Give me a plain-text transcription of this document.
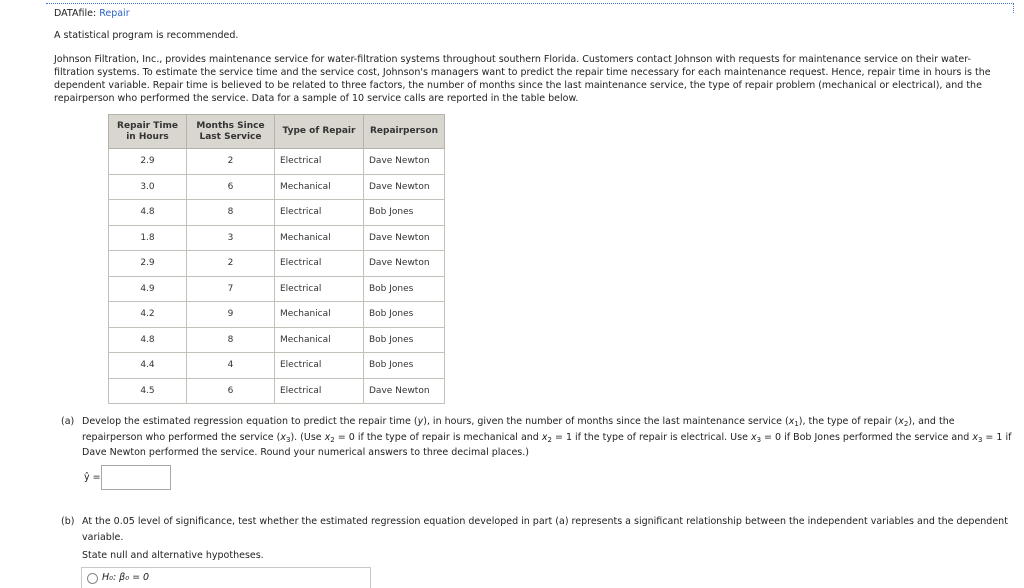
DATAfile: Repair
A statistical program is recommended.

Johnson Filtration, Inc., provides maintenance service for water-filtration systems throughout southern Florida. Customers contact Johnson with requests for maintenance service on their water-filtration systems. To estimate the service time and the service cost, Johnson's managers want to predict the repair time necessary for each maintenance request. Hence, repair time in hours is the dependent variable. Repair time is believed to be related to three factors, the number of months since the last maintenance service, the type of repair problem (mechanical or electrical), and the repairperson who performed the service. Data for a sample of 10 service calls are reported in the table below.

Repair Time in Hours	Months Since Last Service	Type of Repair	Repairperson
2.9	2	Electrical	Dave Newton
3.0	6	Mechanical	Dave Newton
4.8	8	Electrical	Bob Jones
1.8	3	Mechanical	Dave Newton
2.9	2	Electrical	Dave Newton
4.9	7	Electrical	Bob Jones
4.2	9	Mechanical	Bob Jones
4.8	8	Mechanical	Bob Jones
4.4	4	Electrical	Bob Jones
4.5	6	Electrical	Dave Newton
(a) Develop the estimated regression equation to predict the repair time (y), in hours, given the number of months since the last maintenance service $(x_1)$, the type of repair $(x_2)$, and the repairperson who performed the service $(x_3)$. (Use $x_2 = 0$ if the type of repair is mechanical and $x_2 = 1$ if the type of repair is electrical. Use $x_3 = 0$ if Bob Jones performed the service and $x_3 = 1$ if Dave Newton performed the service. Round your numerical answers to three decimal places.)
ŷ =
(b) At the 0.05 level of significance, test whether the estimated regression equation developed in part (a) represents a significant relationship between the independent variables and the dependent variable.
State null and alternative hypotheses.
H₀: β₀ = 0
